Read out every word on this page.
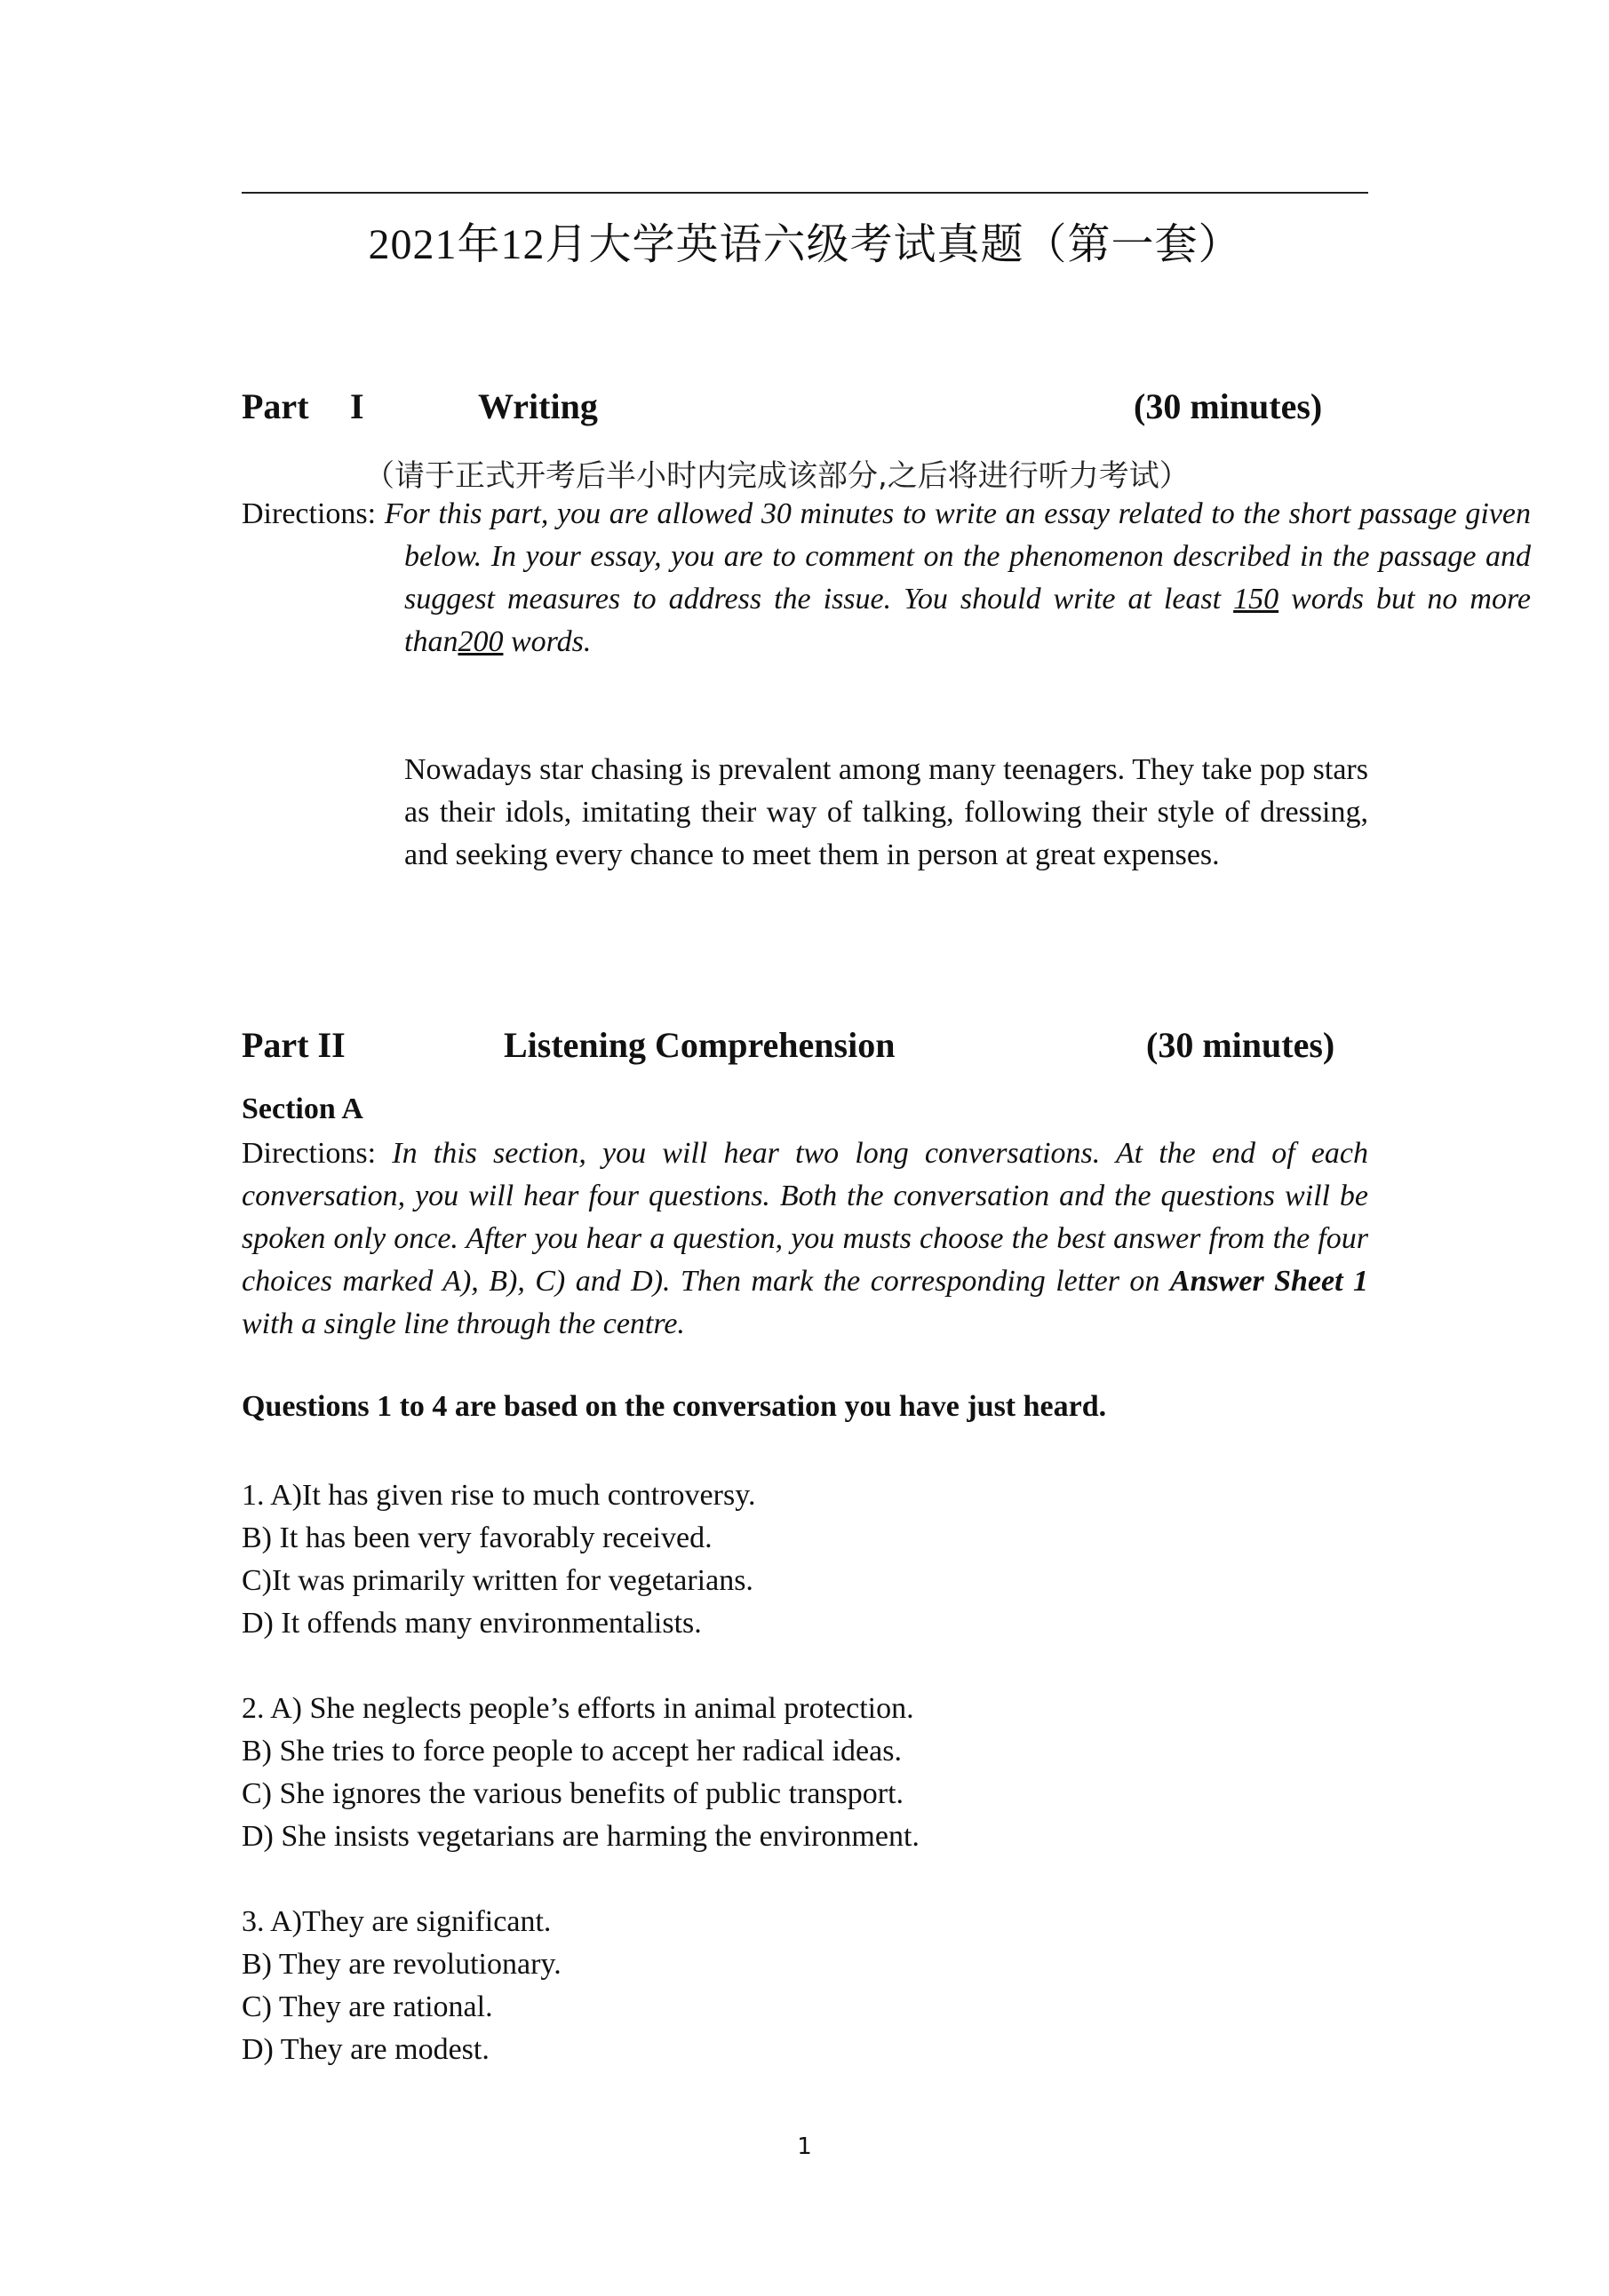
2021年12月大学英语六级考试真题（第一套）
Part I	Writing	(30 minutes)
（请于正式开考后半小时内完成该部分,之后将进行听力考试）
Directions: For this part, you are allowed 30 minutes to write an essay related to the short passage given below. In your essay, you are to comment on the phenomenon described in the passage and suggest measures to address the issue. You should write at least 150 words but no more than200 words.
Nowadays star chasing is prevalent among many teenagers. They take pop stars as their idols, imitating their way of talking, following their style of dressing, and seeking every chance to meet them in person at great expenses.
Part II	Listening Comprehension	(30 minutes)
Section A
Directions: In this section, you will hear two long conversations. At the end of each conversation, you will hear four questions. Both the conversation and the questions will be spoken only once. After you hear a question, you musts choose the best answer from the four choices marked A), B), C) and D). Then mark the corresponding letter on Answer Sheet 1 with a single line through the centre.
Questions 1 to 4 are based on the conversation you have just heard.
1. A)It has given rise to much controversy.
B) It has been very favorably received.
C)It was primarily written for vegetarians.
D) It offends many environmentalists.
2. A) She neglects people’s efforts in animal protection.
B) She tries to force people to accept her radical ideas.
C) She ignores the various benefits of public transport.
D) She insists vegetarians are harming the environment.
3. A)They are significant.
B) They are revolutionary.
C) They are rational.
D) They are modest.
1
